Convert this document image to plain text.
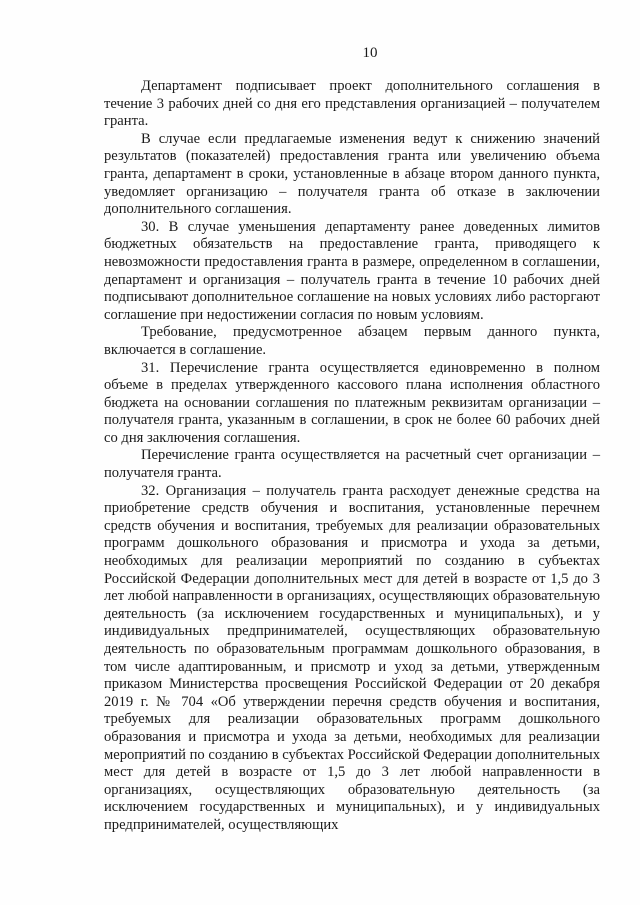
10

Департамент подписывает проект дополнительного соглашения в течение 3 рабочих дней со дня его представления организацией – получателем гранта.

В случае если предлагаемые изменения ведут к снижению значений результатов (показателей) предоставления гранта или увеличению объема гранта, департамент в сроки, установленные в абзаце втором данного пункта, уведомляет организацию – получателя гранта об отказе в заключении дополнительного соглашения.

30. В случае уменьшения департаменту ранее доведенных лимитов бюджетных обязательств на предоставление гранта, приводящего к невозможности предоставления гранта в размере, определенном в соглашении, департамент и организация – получатель гранта в течение 10 рабочих дней подписывают дополнительное соглашение на новых условиях либо расторгают соглашение при недостижении согласия по новым условиям.

Требование, предусмотренное абзацем первым данного пункта, включается в соглашение.

31. Перечисление гранта осуществляется единовременно в полном объеме в пределах утвержденного кассового плана исполнения областного бюджета на основании соглашения по платежным реквизитам организации – получателя гранта, указанным в соглашении, в срок не более 60 рабочих дней со дня заключения соглашения.

Перечисление гранта осуществляется на расчетный счет организации – получателя гранта.

32. Организация – получатель гранта расходует денежные средства на приобретение средств обучения и воспитания, установленные перечнем средств обучения и воспитания, требуемых для реализации образовательных программ дошкольного образования и присмотра и ухода за детьми, необходимых для реализации мероприятий по созданию в субъектах Российской Федерации дополнительных мест для детей в возрасте от 1,5 до 3 лет любой направленности в организациях, осуществляющих образовательную деятельность (за исключением государственных и муниципальных), и у индивидуальных предпринимателей, осуществляющих образовательную деятельность по образовательным программам дошкольного образования, в том числе адаптированным, и присмотр и уход за детьми, утвержденным приказом Министерства просвещения Российской Федерации от 20 декабря 2019 г. № 704 «Об утверждении перечня средств обучения и воспитания, требуемых для реализации образовательных программ дошкольного образования и присмотра и ухода за детьми, необходимых для реализации мероприятий по созданию в субъектах Российской Федерации дополнительных мест для детей в возрасте от 1,5 до 3 лет любой направленности в организациях, осуществляющих образовательную деятельность (за исключением государственных и муниципальных), и у индивидуальных предпринимателей, осуществляющих
